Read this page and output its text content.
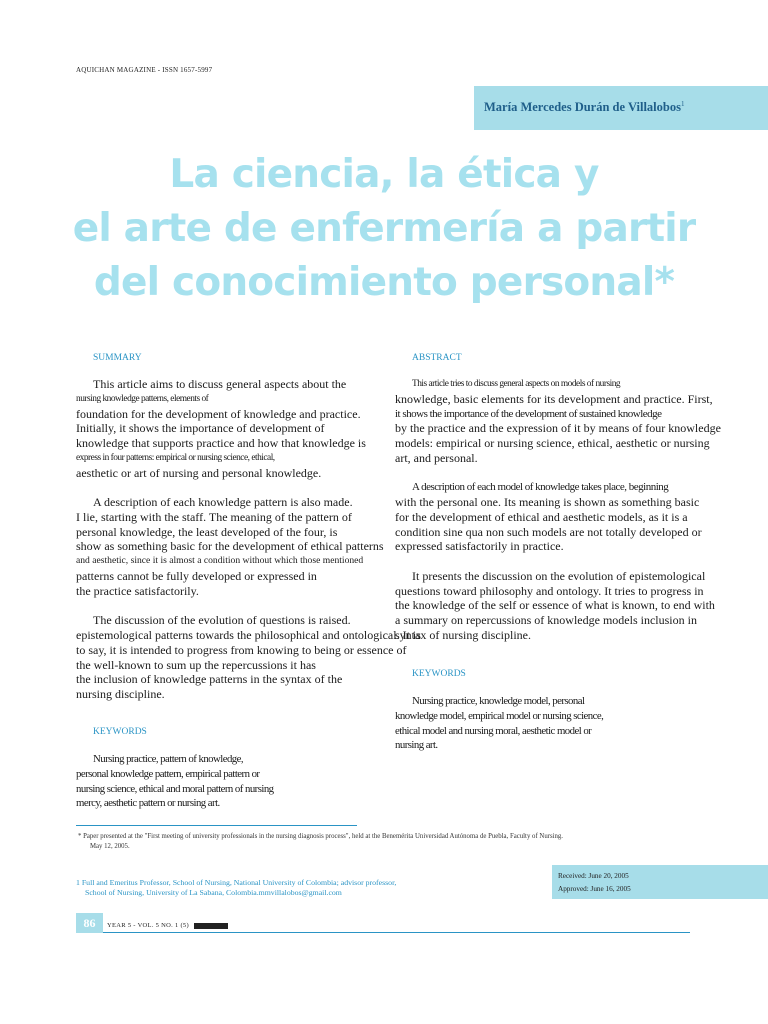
AQUICHAN MAGAZINE - ISSN 1657-5997
María Mercedes Durán de Villalobos$^1$
La ciencia, la ética y
el arte de enfermería a partir
del conocimiento personal*
SUMMARY	ABSTRACT

This article aims to discuss general aspects about the
nursing knowledge patterns, elements of
foundation for the development of knowledge and practice.
Initially, it shows the importance of development of
knowledge that supports practice and how that knowledge is
express in four patterns: empirical or nursing science, ethical,
aesthetic or art of nursing and personal knowledge.

A description of each knowledge pattern is also made.
I lie, starting with the staff. The meaning of the pattern of
personal knowledge, the least developed of the four, is
show as something basic for the development of ethical patterns
and aesthetic, since it is almost a condition without which those mentioned
patterns cannot be fully developed or expressed in
the practice satisfactorily.

The discussion of the evolution of questions is raised.
epistemological patterns towards the philosophical and ontological. It is
to say, it is intended to progress from knowing to being or essence of
the well-known to sum up the repercussions it has
the inclusion of knowledge patterns in the syntax of the
nursing discipline.

KEYWORDS
Nursing practice, pattern of knowledge,
personal knowledge pattern, empirical pattern or
nursing science, ethical and moral pattern of nursing
mercy, aesthetic pattern or nursing art.

This article tries to discuss general aspects on models of nursing
knowledge, basic elements for its development and practice. First,
it shows the importance of the development of sustained knowledge
by the practice and the expression of it by means of four knowledge
models: empirical or nursing science, ethical, aesthetic or nursing
art, and personal.

A description of each model of knowledge takes place, beginning
with the personal one. Its meaning is shown as something basic
for the development of ethical and aesthetic models, as it is a
condition sine qua non such models are not totally developed or
expressed satisfactorily in practice.

It presents the discussion on the evolution of epistemological
questions toward philosophy and ontology. It tries to progress in
the knowledge of the self or essence of what is known, to end with
a summary on repercussions of knowledge models inclusion in
syntax of nursing discipline.

KEYWORDS
Nursing practice, knowledge model, personal
knowledge model, empirical model or nursing science,
ethical model and nursing moral, aesthetic model or
nursing art.
* Paper presented at the "First meeting of university professionals in the nursing diagnosis process", held at the Benemérita Universidad Autónoma de Puebla, Faculty of Nursing.
May 12, 2005.
1 Full and Emeritus Professor, School of Nursing, National University of Colombia; advisor professor,
School of Nursing, University of La Sabana, Colombia.mmvillalobos@gmail.com
Received: June 20, 2005
Approved: June 16, 2005
86	YEAR 5 - VOL. 5 NO. 1 (5)
